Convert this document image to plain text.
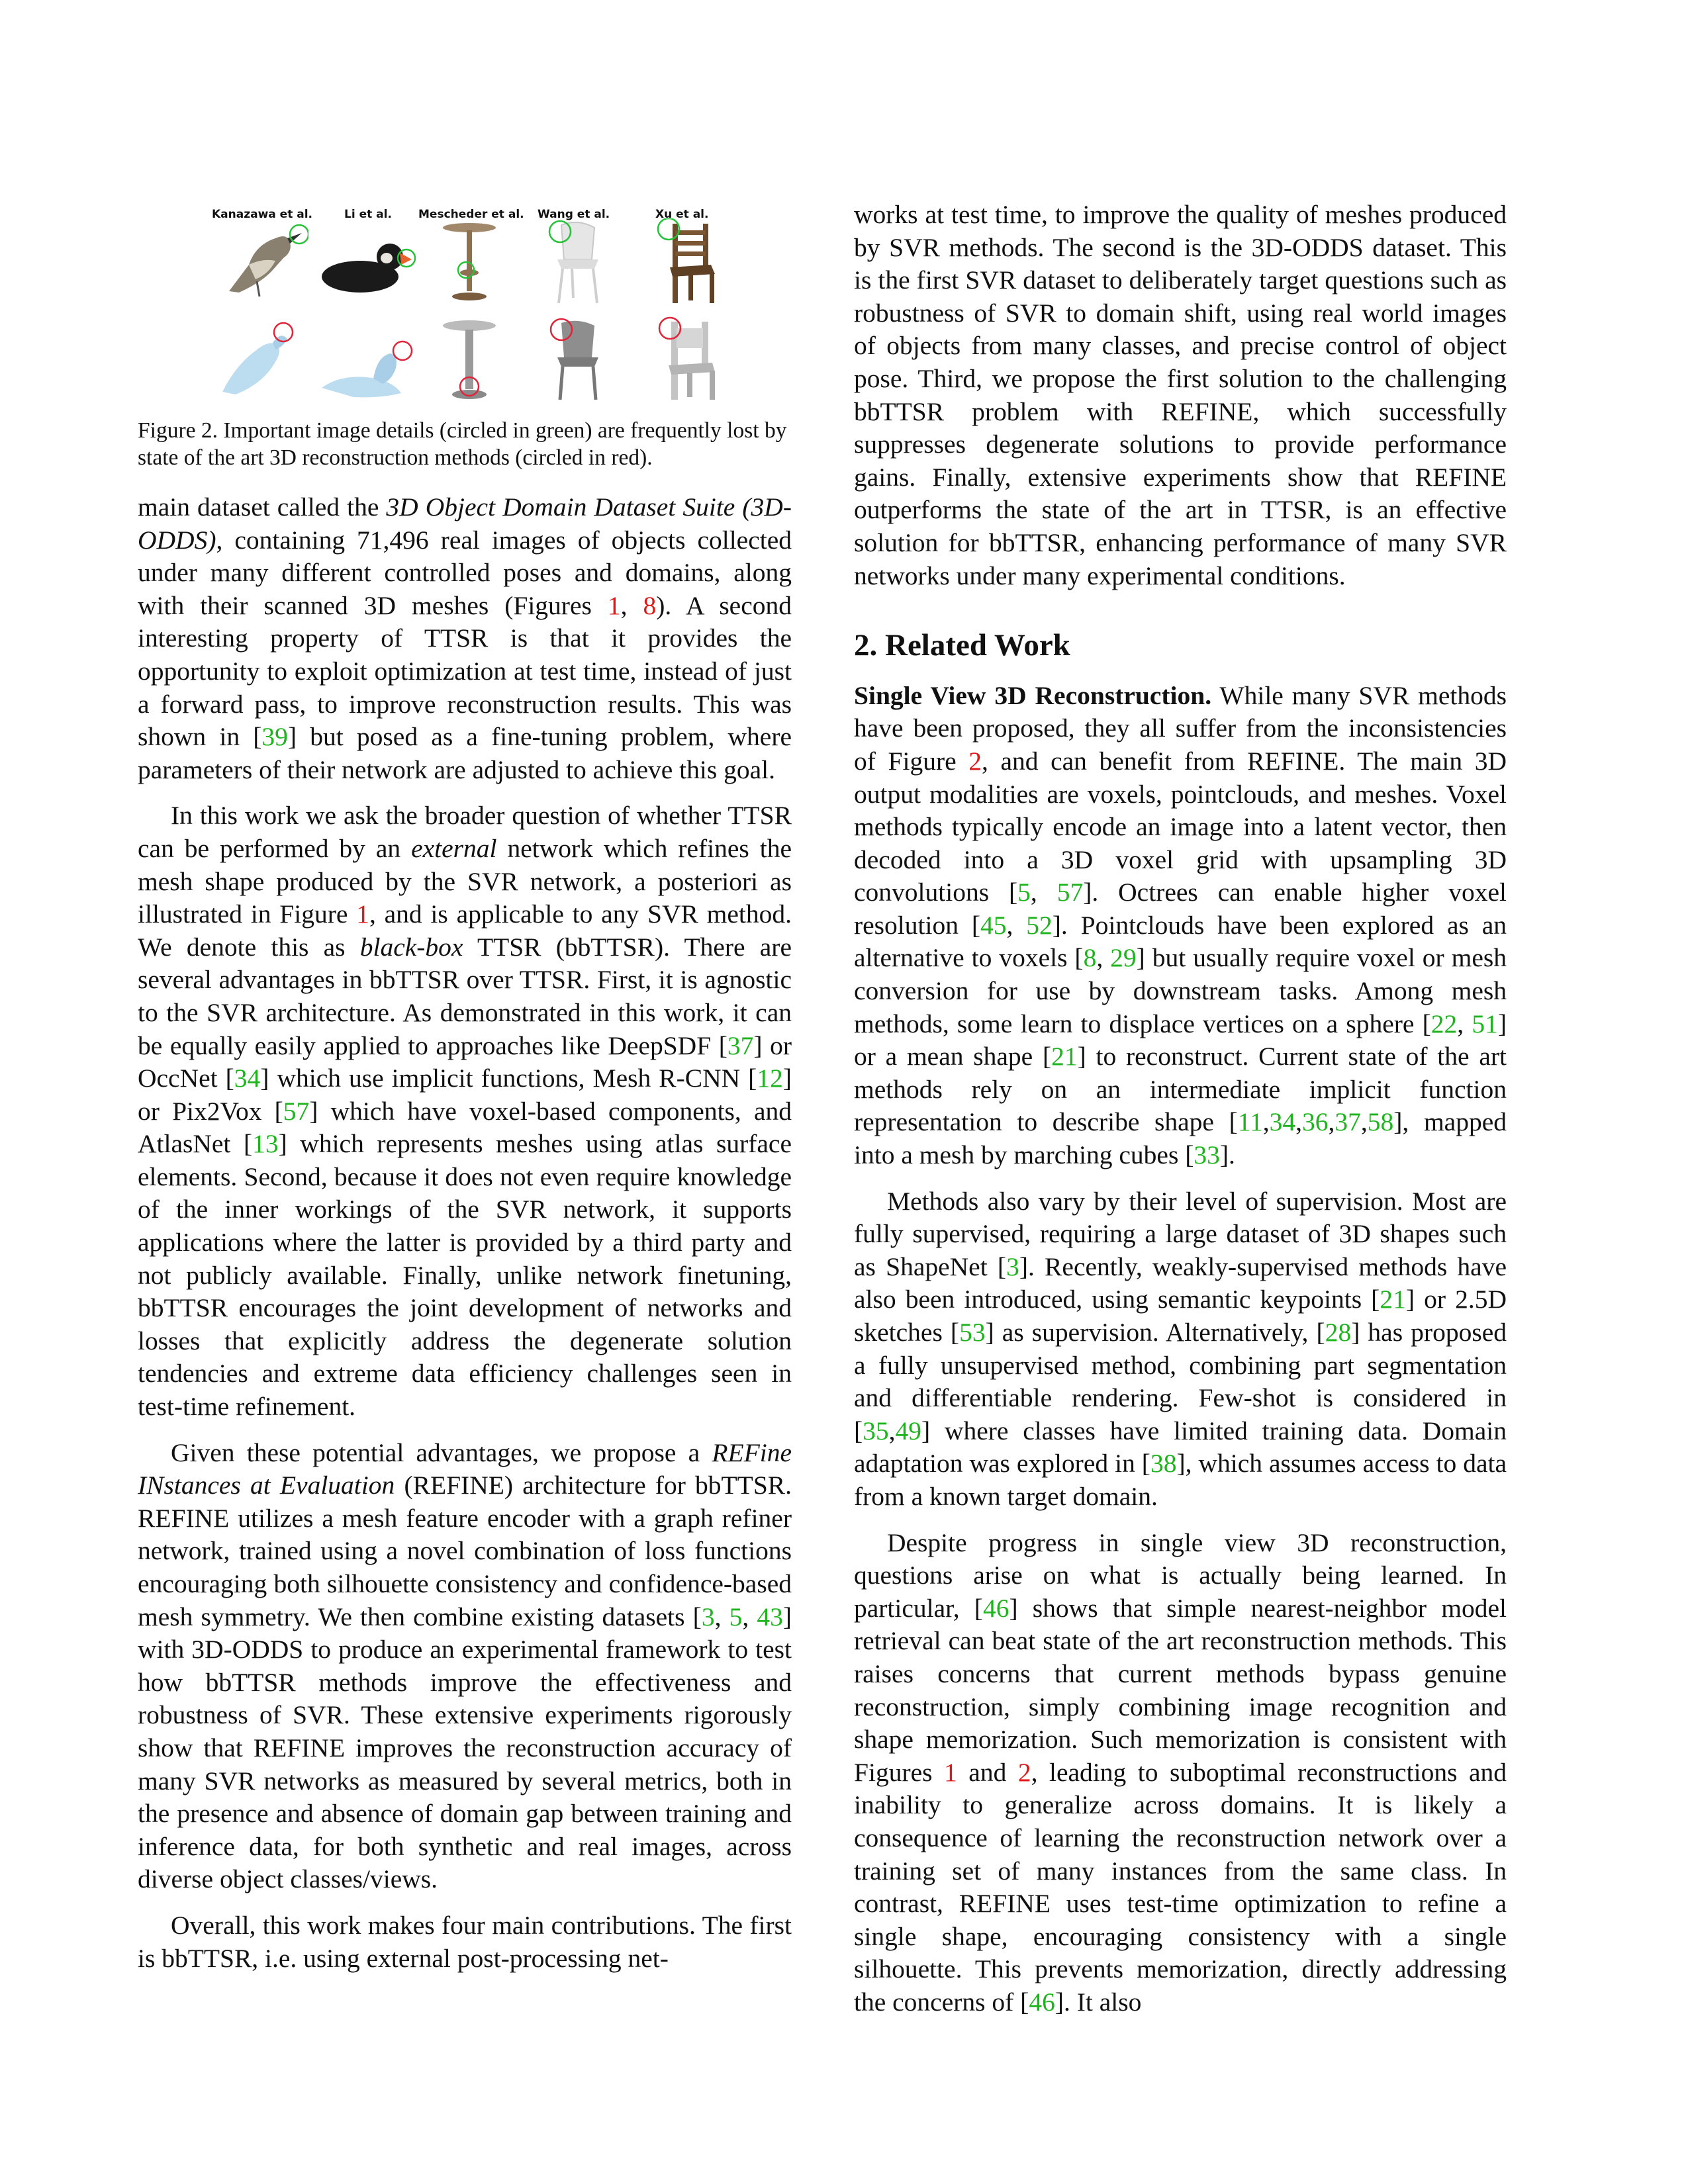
Kanazawa et al.	Li et al. Mescheder et al. Wang et al.	Xu et al.

Figure 2. Important image details (circled in green) are frequently lost by state of the art 3D reconstruction methods (circled in red).

main dataset called the 3D Object Domain Dataset Suite (3D-ODDS), containing 71,496 real images of objects collected under many different controlled poses and domains, along with their scanned 3D meshes (Figures 1, 8). A second interesting property of TTSR is that it provides the opportunity to exploit optimization at test time, instead of just a forward pass, to improve reconstruction results. This was shown in [39] but posed as a fine-tuning problem, where parameters of their network are adjusted to achieve this goal.

In this work we ask the broader question of whether TTSR can be performed by an external network which refines the mesh shape produced by the SVR network, a posteriori as illustrated in Figure 1, and is applicable to any SVR method. We denote this as black-box TTSR (bbTTSR). There are several advantages in bbTTSR over TTSR. First, it is agnostic to the SVR architecture. As demonstrated in this work, it can be equally easily applied to approaches like DeepSDF [37] or OccNet [34] which use implicit functions, Mesh R-CNN [12] or Pix2Vox [57] which have voxel-based components, and AtlasNet [13] which represents meshes using atlas surface elements. Second, because it does not even require knowledge of the inner workings of the SVR network, it supports applications where the latter is provided by a third party and not publicly available. Finally, unlike network finetuning, bbTTSR encourages the joint development of networks and losses that explicitly address the degenerate solution tendencies and extreme data efficiency challenges seen in test-time refinement.

Given these potential advantages, we propose a REFine INstances at Evaluation (REFINE) architecture for bbTTSR. REFINE utilizes a mesh feature encoder with a graph refiner network, trained using a novel combination of loss functions encouraging both silhouette consistency and confidence-based mesh symmetry. We then combine existing datasets [3, 5, 43] with 3D-ODDS to produce an experimental framework to test how bbTTSR methods improve the effectiveness and robustness of SVR. These extensive experiments rigorously show that REFINE improves the reconstruction accuracy of many SVR networks as measured by several metrics, both in the presence and absence of domain gap between training and inference data, for both synthetic and real images, across diverse object classes/views.

Overall, this work makes four main contributions. The first is bbTTSR, i.e. using external post-processing net-

works at test time, to improve the quality of meshes produced by SVR methods. The second is the 3D-ODDS dataset. This is the first SVR dataset to deliberately target questions such as robustness of SVR to domain shift, using real world images of objects from many classes, and precise control of object pose. Third, we propose the first solution to the challenging bbTTSR problem with REFINE, which successfully suppresses degenerate solutions to provide performance gains. Finally, extensive experiments show that REFINE outperforms the state of the art in TTSR, is an effective solution for bbTTSR, enhancing performance of many SVR networks under many experimental conditions.

2. Related Work

Single View 3D Reconstruction. While many SVR methods have been proposed, they all suffer from the inconsistencies of Figure 2, and can benefit from REFINE. The main 3D output modalities are voxels, pointclouds, and meshes. Voxel methods typically encode an image into a latent vector, then decoded into a 3D voxel grid with upsampling 3D convolutions [5, 57]. Octrees can enable higher voxel resolution [45, 52]. Pointclouds have been explored as an alternative to voxels [8, 29] but usually require voxel or mesh conversion for use by downstream tasks. Among mesh methods, some learn to displace vertices on a sphere [22, 51] or a mean shape [21] to reconstruct. Current state of the art methods rely on an intermediate implicit function representation to describe shape [11,34,36,37,58], mapped into a mesh by marching cubes [33].

Methods also vary by their level of supervision. Most are fully supervised, requiring a large dataset of 3D shapes such as ShapeNet [3]. Recently, weakly-supervised methods have also been introduced, using semantic keypoints [21] or 2.5D sketches [53] as supervision. Alternatively, [28] has proposed a fully unsupervised method, combining part segmentation and differentiable rendering. Few-shot is considered in [35,49] where classes have limited training data. Domain adaptation was explored in [38], which assumes access to data from a known target domain.

Despite progress in single view 3D reconstruction, questions arise on what is actually being learned. In particular, [46] shows that simple nearest-neighbor model retrieval can beat state of the art reconstruction methods. This raises concerns that current methods bypass genuine reconstruction, simply combining image recognition and shape memorization. Such memorization is consistent with Figures 1 and 2, leading to suboptimal reconstructions and inability to generalize across domains. It is likely a consequence of learning the reconstruction network over a training set of many instances from the same class. In contrast, REFINE uses test-time optimization to refine a single shape, encouraging consistency with a single silhouette. This prevents memorization, directly addressing the concerns of [46]. It also
